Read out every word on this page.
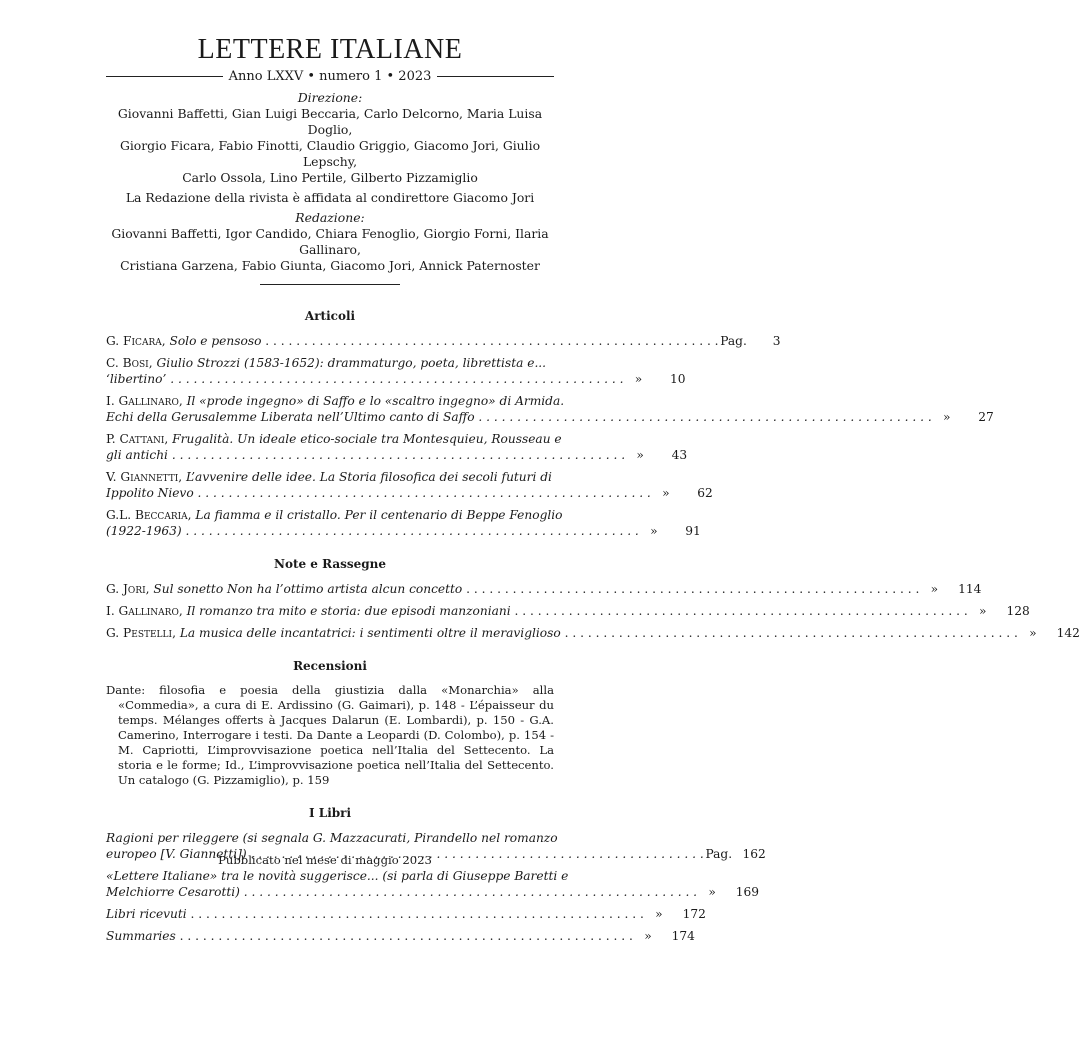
LETTERE ITALIANE
Anno LXXV • numero 1 • 2023
Direzione:
Giovanni Baffetti, Gian Luigi Beccaria, Carlo Delcorno, Maria Luisa Doglio,
Giorgio Ficara, Fabio Finotti, Claudio Griggio, Giacomo Jori, Giulio Lepschy,
Carlo Ossola, Lino Pertile, Gilberto Pizzamiglio
La Redazione della rivista è affidata al condirettore Giacomo Jori
Redazione:
Giovanni Baffetti, Igor Candido, Chiara Fenoglio, Giorgio Forni, Ilaria Gallinaro,
Cristiana Garzena, Fabio Giunta, Giacomo Jori, Annick Paternoster
Articoli
G. Ficara, Solo e pensoso . . .	Pag.	3
C. Bosi, Giulio Strozzi (1583-1652): drammaturgo, poeta, librettista e...

‘libertino’ . . .	»	10
I. Gallinaro, Il «prode ingegno» di Saffo e lo «scaltro ingegno» di Armida.

Echi della Gerusalemme Liberata nell’Ultimo canto di Saffo . . .	»	27
P. Cattani, Frugalità. Un ideale etico-sociale tra Montesquieu, Rousseau e

gli antichi . . .	»	43
V. Giannetti, L’avvenire delle idee. La Storia filosofica dei secoli futuri di

Ippolito Nievo . . .	»	62
G.L. Beccaria, La fiamma e il cristallo. Per il centenario di Beppe Fenoglio

(1922-1963) . . .	»	91
Note e Rassegne
G. Jori, Sul sonetto Non ha l’ottimo artista alcun concetto . . .	»	114
I. Gallinaro, Il romanzo tra mito e storia: due episodi manzoniani . . .	»	128
G. Pestelli, La musica delle incantatrici: i sentimenti oltre il meraviglioso . . .	»	142
Recensioni
Dante: filosofia e poesia della giustizia dalla «Monarchia» alla «Commedia», a cura di E. Ardissino (G. Gaimari), p. 148 - L’épaisseur du temps. Mélanges offerts à Jacques Dalarun (E. Lombardi), p. 150 - G.A. Camerino, Interrogare i testi. Da Dante a Leopardi (D. Colombo), p. 154 - M. Capriotti, L’improvvisazione poetica nell’Italia del Settecento. La storia e le forme; Id., L’improvvisazione poetica nell’Italia del Settecento. Un catalogo (G. Pizzamiglio), p. 159
I Libri
Ragioni per rileggere (si segnala G. Mazzacurati, Pirandello nel romanzo

europeo [V. Giannetti]) . . .	Pag. 162
«Lettere Italiane» tra le novità suggerisce... (si parla di Giuseppe Baretti e

Melchiorre Cesarotti) . . .	»	169
Libri ricevuti . . .	»	172
Summaries . . .	»	174
Pubblicato nel mese di maggio 2023
